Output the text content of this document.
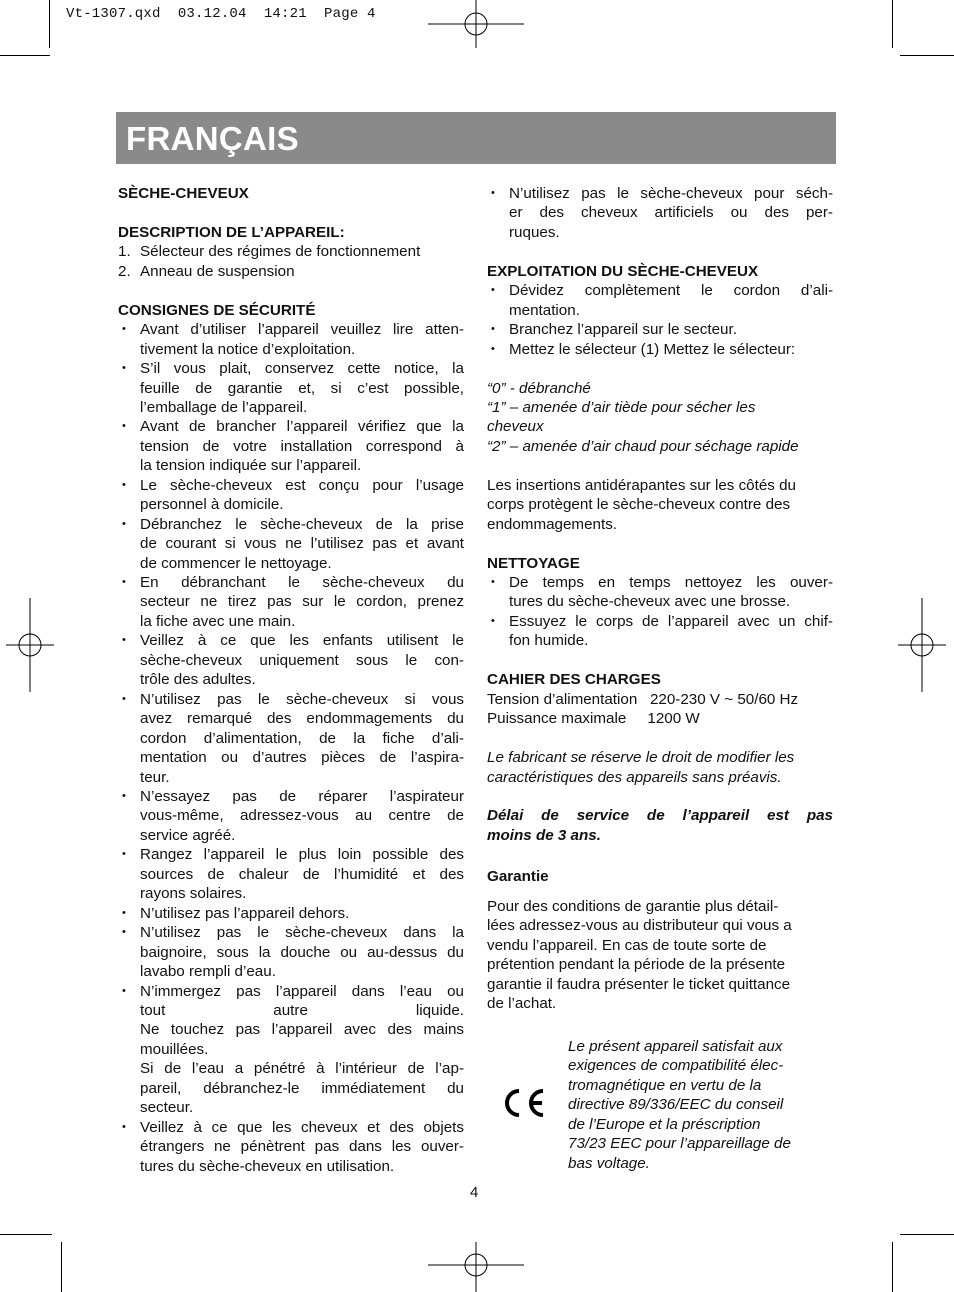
Vt-1307.qxd  03.12.04  14:21  Page 4
FRANÇAIS

SÈCHE-CHEVEUX

DESCRIPTION DE L’APPAREIL:

1. Sélecteur des régimes de fonctionnement
2. Anneau de suspension

CONSIGNES DE SÉCURITÉ

• Avant d’utiliser l’appareil veuillez lire atten-
tivement la notice d’exploitation.
• S’il vous plait, conservez cette notice, la
feuille de garantie et, si c’est possible,
l’emballage de l’appareil.
• Avant de brancher l’appareil vérifiez que la
tension de votre installation correspond à
la tension indiquée sur l’appareil.
• Le sèche-cheveux est conçu pour l’usage
personnel à domicile.
• Débranchez le sèche-cheveux de la prise
de courant si vous ne l’utilisez pas et avant
de commencer le nettoyage.
• En débranchant le sèche-cheveux du
secteur ne tirez pas sur le cordon, prenez
la fiche avec une main.
• Veillez à ce que les enfants utilisent le
sèche-cheveux uniquement sous le con-
trôle des adultes.
• N’utilisez pas le sèche-cheveux si vous
avez remarqué des endommagements du
cordon d’alimentation, de la fiche d’ali-
mentation ou d’autres pièces de l’aspira-
teur.
• N’essayez pas de réparer l’aspirateur
vous-même, adressez-vous au centre de
service agréé.
• Rangez l’appareil le plus loin possible des
sources de chaleur de l’humidité et des
rayons solaires.
• N’utilisez pas l’appareil dehors.
• N’utilisez pas le sèche-cheveux dans la
baignoire, sous la douche ou au-dessus du
lavabo rempli d’eau.
• N’immergez pas l’appareil dans l’eau ou
tout autre liquide.
Ne touchez pas l’appareil avec des mains
mouillées.
Si de l’eau a pénétré à l’intérieur de l’ap-
pareil, débranchez-le immédiatement du
secteur.
• Veillez à ce que les cheveux et des objets
étrangers ne pénètrent pas dans les ouver-
tures du sèche-cheveux en utilisation.
• N’utilisez pas le sèche-cheveux pour séch-
er des cheveux artificiels ou des per-
ruques.

EXPLOITATION DU SÈCHE-CHEVEUX

• Dévidez complètement le cordon d’ali-
mentation.
• Branchez l’appareil sur le secteur.
• Mettez le sélecteur (1) Mettez le sélecteur:
“0” - débranché
“1” – amenée d’air tiède pour sécher les
cheveux
“2” – amenée d’air chaud pour séchage rapide
Les insertions antidérapantes sur les côtés du
corps protègent le sèche-cheveux contre des
endommagements.

NETTOYAGE

• De temps en temps nettoyez les ouver-
tures du sèche-cheveux avec une brosse.
• Essuyez le corps de l’appareil avec un chif-
fon humide.

CAHIER DES CHARGES

Tension d’alimentation   220-230 V ~ 50/60 Hz
Puissance maximale     1200 W
Le fabricant se réserve le droit de modifier les
caractéristiques des appareils sans préavis.
Délai de service de l’appareil est pas
moins de 3 ans.

Garantie

Pour des conditions de garantie plus détail-
lées adressez-vous au distributeur qui vous a
vendu l’appareil. En cas de toute sorte de
prétention pendant la période de la présente
garantie il faudra présenter le ticket quittance
de l’achat.
Le présent appareil satisfait aux
exigences de compatibilité élec-
tromagnétique en vertu de la
directive 89/336/EEC du conseil
de l’Europe et la préscription
73/23 EEC pour l’appareillage de
bas voltage.
4
